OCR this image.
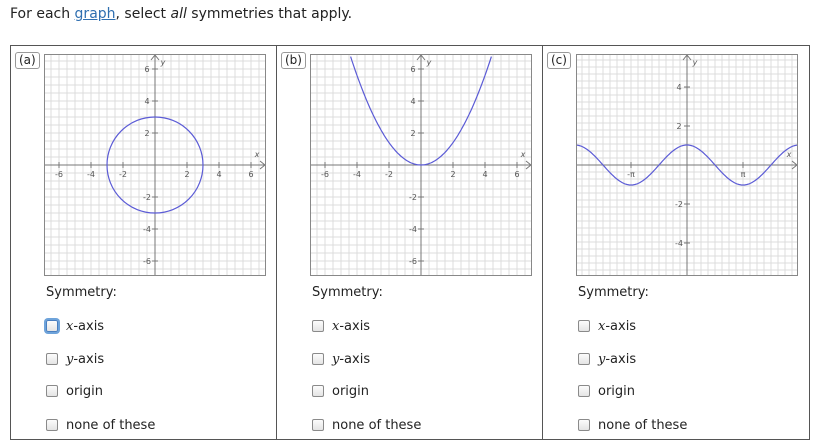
For each graph, select all symmetries that apply.
(a)
-6	-4	-2	2	4	6
6
4
2
-2
-4
-6
x
y
Symmetry:
x-axis
y-axis
origin
none of these
(b)
-6	-4	-2	2	4	6
6
4
2
-2
-4
-6
x
y
Symmetry:
x-axis
y-axis
origin
none of these
(c)
4
2
-2
-4
-π	π
x
y
Symmetry:
x-axis
y-axis
origin
none of these
